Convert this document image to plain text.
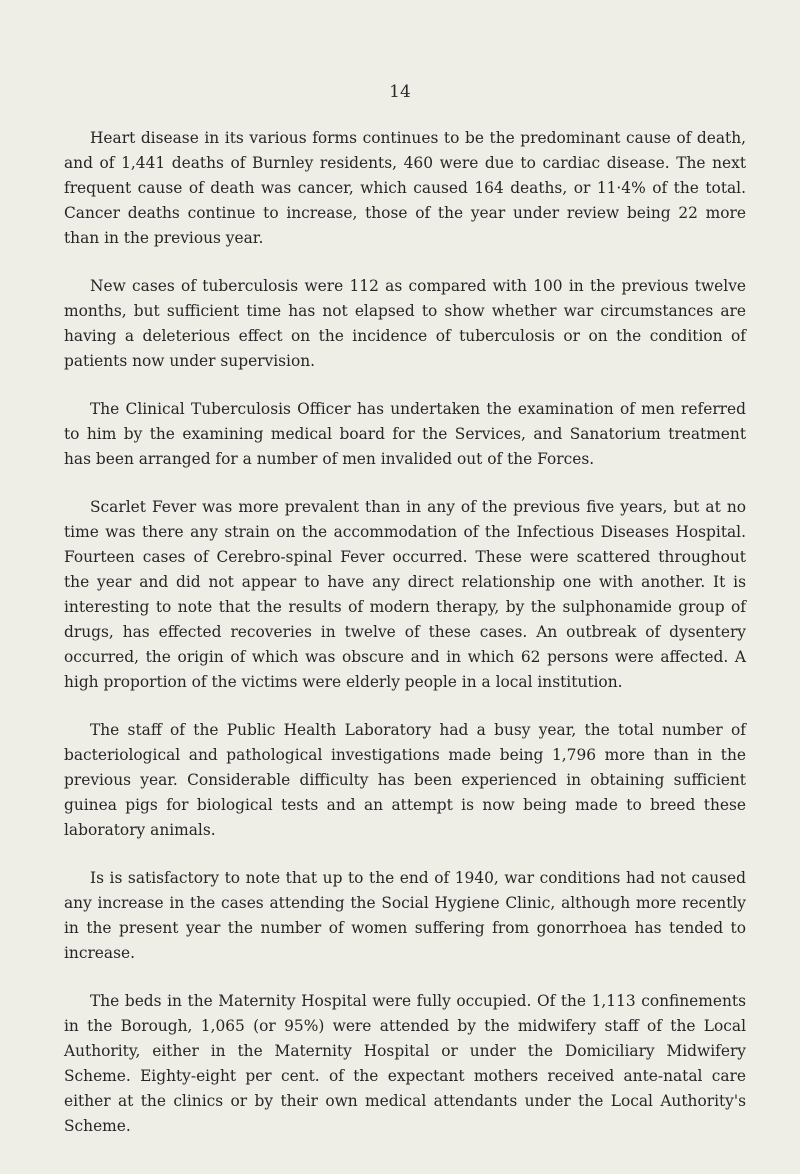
14

Heart disease in its various forms continues to be the predominant cause of death, and of 1,441 deaths of Burnley residents, 460 were due to cardiac disease. The next frequent cause of death was cancer, which caused 164 deaths, or 11·4% of the total. Cancer deaths continue to increase, those of the year under review being 22 more than in the previous year.

New cases of tuberculosis were 112 as compared with 100 in the previous twelve months, but sufficient time has not elapsed to show whether war circumstances are having a deleterious effect on the incidence of tuberculosis or on the condition of patients now under supervision.

The Clinical Tuberculosis Officer has undertaken the examination of men referred to him by the examining medical board for the Services, and Sanatorium treatment has been arranged for a number of men invalided out of the Forces.

Scarlet Fever was more prevalent than in any of the previous five years, but at no time was there any strain on the accommodation of the Infectious Diseases Hospital. Fourteen cases of Cerebro-spinal Fever occurred. These were scattered throughout the year and did not appear to have any direct relationship one with another. It is interesting to note that the results of modern therapy, by the sulphonamide group of drugs, has effected recoveries in twelve of these cases. An outbreak of dysentery occurred, the origin of which was obscure and in which 62 persons were affected. A high proportion of the victims were elderly people in a local institution.

The staff of the Public Health Laboratory had a busy year, the total number of bacteriological and pathological investigations made being 1,796 more than in the previous year. Considerable difficulty has been experienced in obtaining sufficient guinea pigs for biological tests and an attempt is now being made to breed these laboratory animals.

Is is satisfactory to note that up to the end of 1940, war conditions had not caused any increase in the cases attending the Social Hygiene Clinic, although more recently in the present year the number of women suffering from gonorrhoea has tended to increase.

The beds in the Maternity Hospital were fully occupied. Of the 1,113 confinements in the Borough, 1,065 (or 95%) were attended by the midwifery staff of the Local Authority, either in the Maternity Hospital or under the Domiciliary Midwifery Scheme. Eighty-eight per cent. of the expectant mothers received ante-natal care either at the clinics or by their own medical attendants under the Local Authority's Scheme.
